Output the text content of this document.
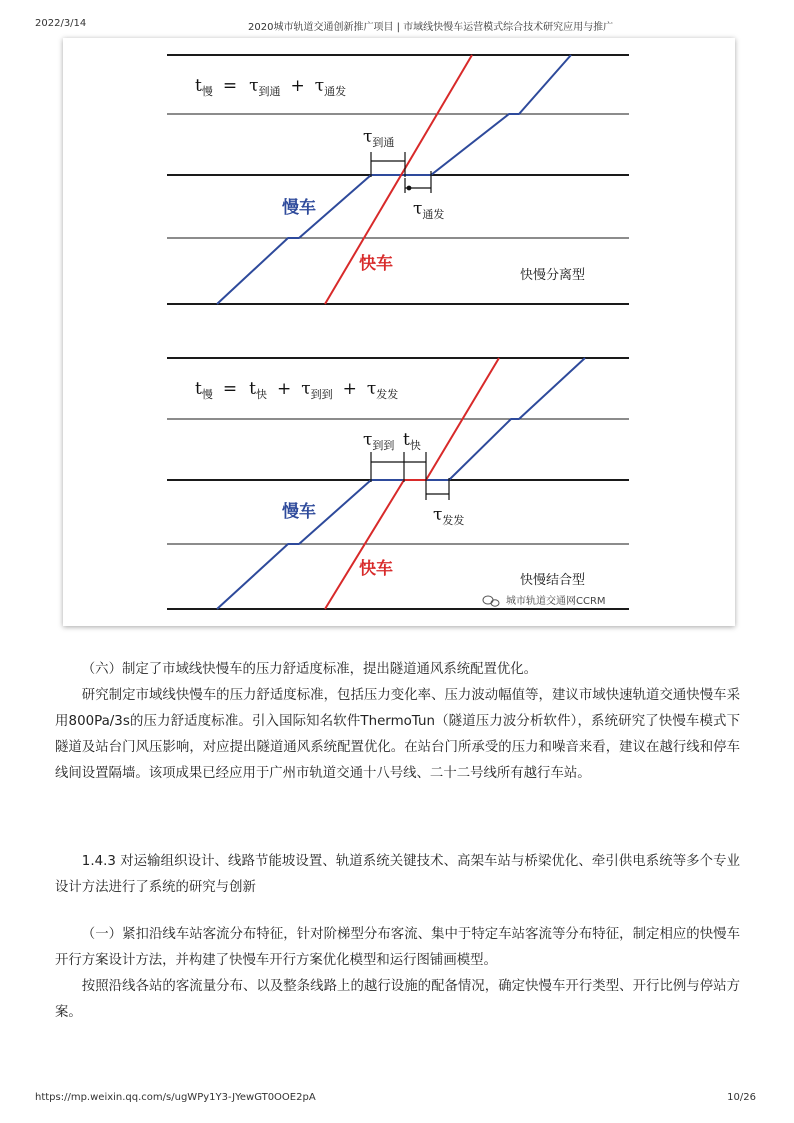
2022/3/14	2020城市轨道交通创新推广项目 | 市域线快慢车运营模式综合技术研究应用与推广
$t_慢 = \tau_{到通} + \tau_{通发}$
$\tau_{到通}$
$\tau_{通发}$
慢车
快车
快慢分离型
$t_慢 = t_快 + \tau_{到到} + \tau_{发发}$
$\tau_{到到}$ $t_快$
$\tau_{发发}$
慢车
快车
快慢结合型
城市轨道交通网CCRM

（六）制定了市域线快慢车的压力舒适度标准，提出隧道通风系统配置优化。

研究制定市域线快慢车的压力舒适度标准，包括压力变化率、压力波动幅值等，建议市域快速轨道交通快慢车采用800Pa/3s的压力舒适度标准。引入国际知名软件ThermoTun（隧道压力波分析软件），系统研究了快慢车模式下隧道及站台门风压影响，对应提出隧道通风系统配置优化。在站台门所承受的压力和噪音来看，建议在越行线和停车线间设置隔墙。该项成果已经应用于广州市轨道交通十八号线、二十二号线所有越行车站。

1.4.3 对运输组织设计、线路节能坡设置、轨道系统关键技术、高架车站与桥梁优化、牵引供电系统等多个专业设计方法进行了系统的研究与创新

（一）紧扣沿线车站客流分布特征，针对阶梯型分布客流、集中于特定车站客流等分布特征，制定相应的快慢车开行方案设计方法，并构建了快慢车开行方案优化模型和运行图铺画模型。

按照沿线各站的客流量分布、以及整条线路上的越行设施的配备情况，确定快慢车开行类型、开行比例与停站方案。

https://mp.weixin.qq.com/s/ugWPy1Y3-JYewGT0OOE2pA	10/26
